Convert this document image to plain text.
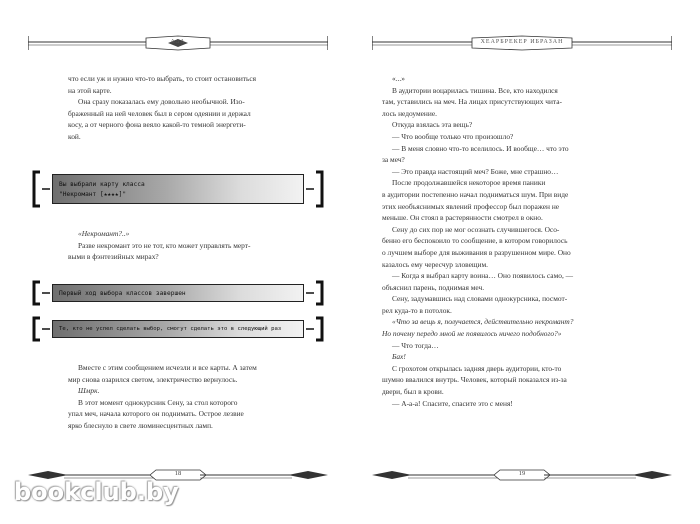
ΔΔΔ

что если уж и нужно что-то выбрать, то стоит остановиться

на этой карте.

Она сразу показалась ему довольно необычной. Изо-

браженный на ней человек был в сером одеянии и держал

косу, а от черного фона веяло какой-то темной энергети-

кой.

Вы выбрали карту класса
"Некромант [★★★★]"

«Некромант?..»

Разве некромант это не тот, кто может управлять мерт-

выми в фэнтезийных мирах?

Первый ход выбора классов завершен
Те, кто не успел сделать выбор, смогут сделать это в следующий раз

Вместе с этим сообщением исчезли и все карты. А затем

мир снова озарился светом, электричество вернулось.

Шмрк.

В этот момент однокурсник Сену, за стол которого

упал меч, начала которого он поднимать. Острое лезвие

ярко блеснуло в свете люминесцентных ламп.

18
ХЕАРБРЕКЕР ИБРАЗАН

«...»

В аудитории воцарилась тишина. Все, кто находился

там, уставились на меч. На лицах присутствующих чита-

лось недоумение.

Откуда взялась эта вещь?

— Что вообще только что произошло?

— В меня словно что-то вселилось. И вообще… что это

за меч?

— Это правда настоящий меч? Боже, мне страшно…

После продолжавшейся некоторое время паники

в аудитории постепенно начал подниматься шум. При виде

этих необъяснимых явлений профессор был поражен не

меньше. Он стоял в растерянности смотрел в окно.

Сену до сих пор не мог осознать случившегося. Осо-

бенно его беспокоило то сообщение, в котором говорилось

о лучшем выборе для выживания в разрушенном мире. Оно

казалось ему чересчур зловещим.

— Когда я выбрал карту воина… Оно появилось само, —

объяснил парень, поднимая меч.

Сену, задумавшись над словами однокурсника, посмот-

рел куда-то в потолок.

«Что за вещь я, получается, действительно некромант?

Но почему передо мной не появилось ничего подобного?»

— Что тогда…

Бах!

С грохотом открылась задняя дверь аудитории, кто-то

шумно ввалился внутрь. Человек, который показался из-за

двери, был в крови.

— А-а-а! Спасите, спасите это с меня!

19
bookclub.by
